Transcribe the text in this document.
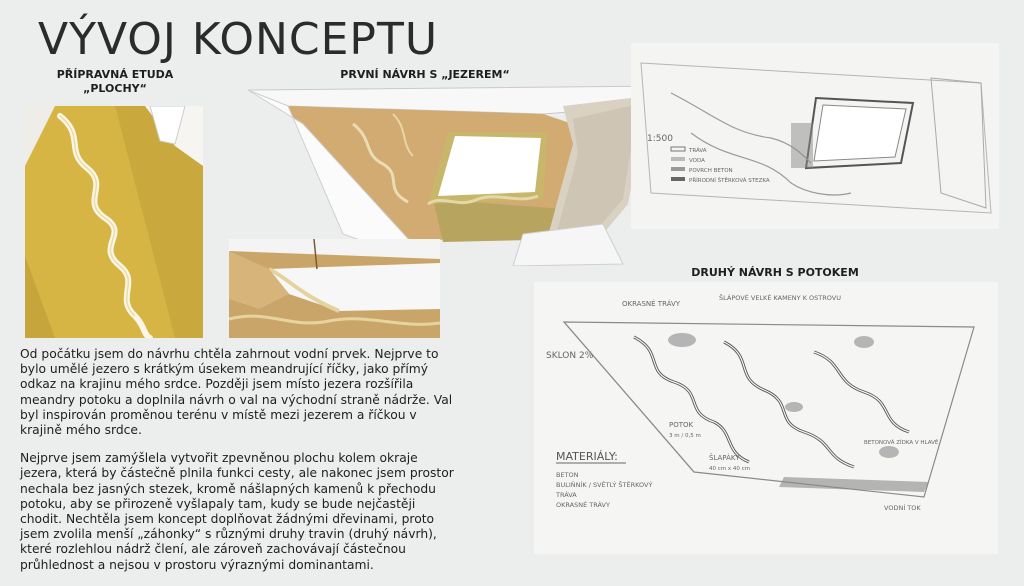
VÝVOJ KONCEPTU
PŘÍPRAVNÁ ETUDA
„PLOCHY“
PRVNÍ NÁVRH S „JEZEREM“
1:500
TRÁVA
VODA
POVRCH BETON
PŘÍRODNÍ ŠTĚRKOVÁ STEZKA
DRUHÝ NÁVRH S POTOKEM
OKRASNÉ TRÁVY
ŠLÁPOVÉ VELKÉ KAMENY K OSTROVU
SKLON 2%
POTOK
3 m / 0,5 m
ŠLAPÁKY
40 cm x 40 cm
BETONOVÁ ZÍDKA V HLAVĚ
VODNÍ TOK
MATERIÁLY:
BETON
BULIŇNÍK / SVĚTLÝ ŠTĚRKOVÝ
TRÁVA
OKRASNÉ TRÁVY

Od počátku jsem do návrhu chtěla zahrnout vodní prvek. Nejprve to bylo umělé jezero s krátkým úsekem meandrující říčky, jako přímý odkaz na krajinu mého srdce. Později jsem místo jezera rozšířila meandry potoku a doplnila návrh o val na východní straně nádrže. Val byl inspirován proměnou terénu v místě mezi jezerem a říčkou v krajině mého srdce.

Nejprve jsem zamýšlela vytvořit zpevněnou plochu kolem okraje jezera, která by částečně plnila funkci cesty, ale nakonec jsem prostor nechala bez jasných stezek, kromě nášlapných kamenů k přechodu potoku, aby se přirozeně vyšlapaly tam, kudy se bude nejčastěji chodit. Nechtěla jsem koncept doplňovat žádnými dřevinami, proto jsem zvolila menší „záhonky“ s různými druhy travin (druhý návrh), které rozlehlou nádrž člení, ale zároveň zachovávají částečnou průhlednost a nejsou v prostoru výraznými dominantami.
